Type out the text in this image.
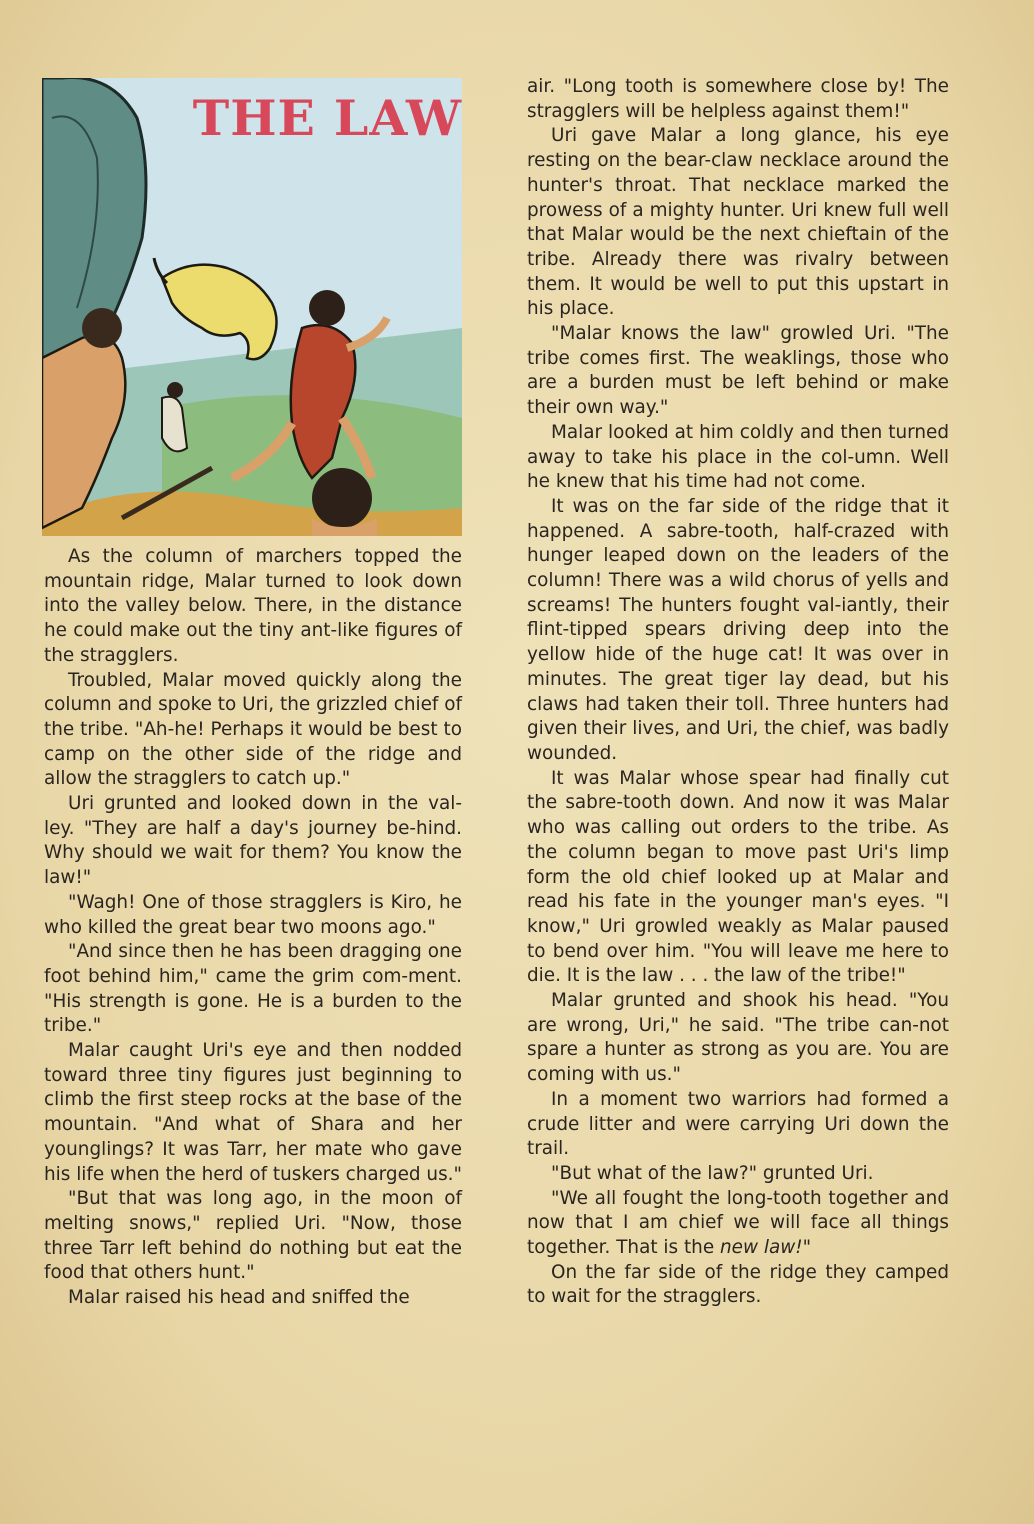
THE LAW

As the column of marchers topped the mountain ridge, Malar turned to look down into the valley below. There, in the distance he could make out the tiny ant-like figures of the stragglers.

Troubled, Malar moved quickly along the column and spoke to Uri, the grizzled chief of the tribe. "Ah-he! Perhaps it would be best to camp on the other side of the ridge and allow the stragglers to catch up."

Uri grunted and looked down in the val-ley. "They are half a day's journey be-hind. Why should we wait for them? You know the law!"

"Wagh! One of those stragglers is Kiro, he who killed the great bear two moons ago."

"And since then he has been dragging one foot behind him," came the grim com-ment. "His strength is gone. He is a burden to the tribe."

Malar caught Uri's eye and then nodded toward three tiny figures just beginning to climb the first steep rocks at the base of the mountain. "And what of Shara and her younglings? It was Tarr, her mate who gave his life when the herd of tuskers charged us."

"But that was long ago, in the moon of melting snows," replied Uri. "Now, those three Tarr left behind do nothing but eat the food that others hunt."

Malar raised his head and sniffed the

air. "Long tooth is somewhere close by! The stragglers will be helpless against them!"

Uri gave Malar a long glance, his eye resting on the bear-claw necklace around the hunter's throat. That necklace marked the prowess of a mighty hunter. Uri knew full well that Malar would be the next chieftain of the tribe. Already there was rivalry between them. It would be well to put this upstart in his place.

"Malar knows the law" growled Uri. "The tribe comes first. The weaklings, those who are a burden must be left behind or make their own way."

Malar looked at him coldly and then turned away to take his place in the col-umn. Well he knew that his time had not come.

It was on the far side of the ridge that it happened. A sabre-tooth, half-crazed with hunger leaped down on the leaders of the column! There was a wild chorus of yells and screams! The hunters fought val-iantly, their flint-tipped spears driving deep into the yellow hide of the huge cat! It was over in minutes. The great tiger lay dead, but his claws had taken their toll. Three hunters had given their lives, and Uri, the chief, was badly wounded.

It was Malar whose spear had finally cut the sabre-tooth down. And now it was Malar who was calling out orders to the tribe. As the column began to move past Uri's limp form the old chief looked up at Malar and read his fate in the younger man's eyes. "I know," Uri growled weakly as Malar paused to bend over him. "You will leave me here to die. It is the law . . . the law of the tribe!"

Malar grunted and shook his head. "You are wrong, Uri," he said. "The tribe can-not spare a hunter as strong as you are. You are coming with us."

In a moment two warriors had formed a crude litter and were carrying Uri down the trail.

"But what of the law?" grunted Uri.

"We all fought the long-tooth together and now that I am chief we will face all things together. That is the new law!"

On the far side of the ridge they camped to wait for the stragglers.
